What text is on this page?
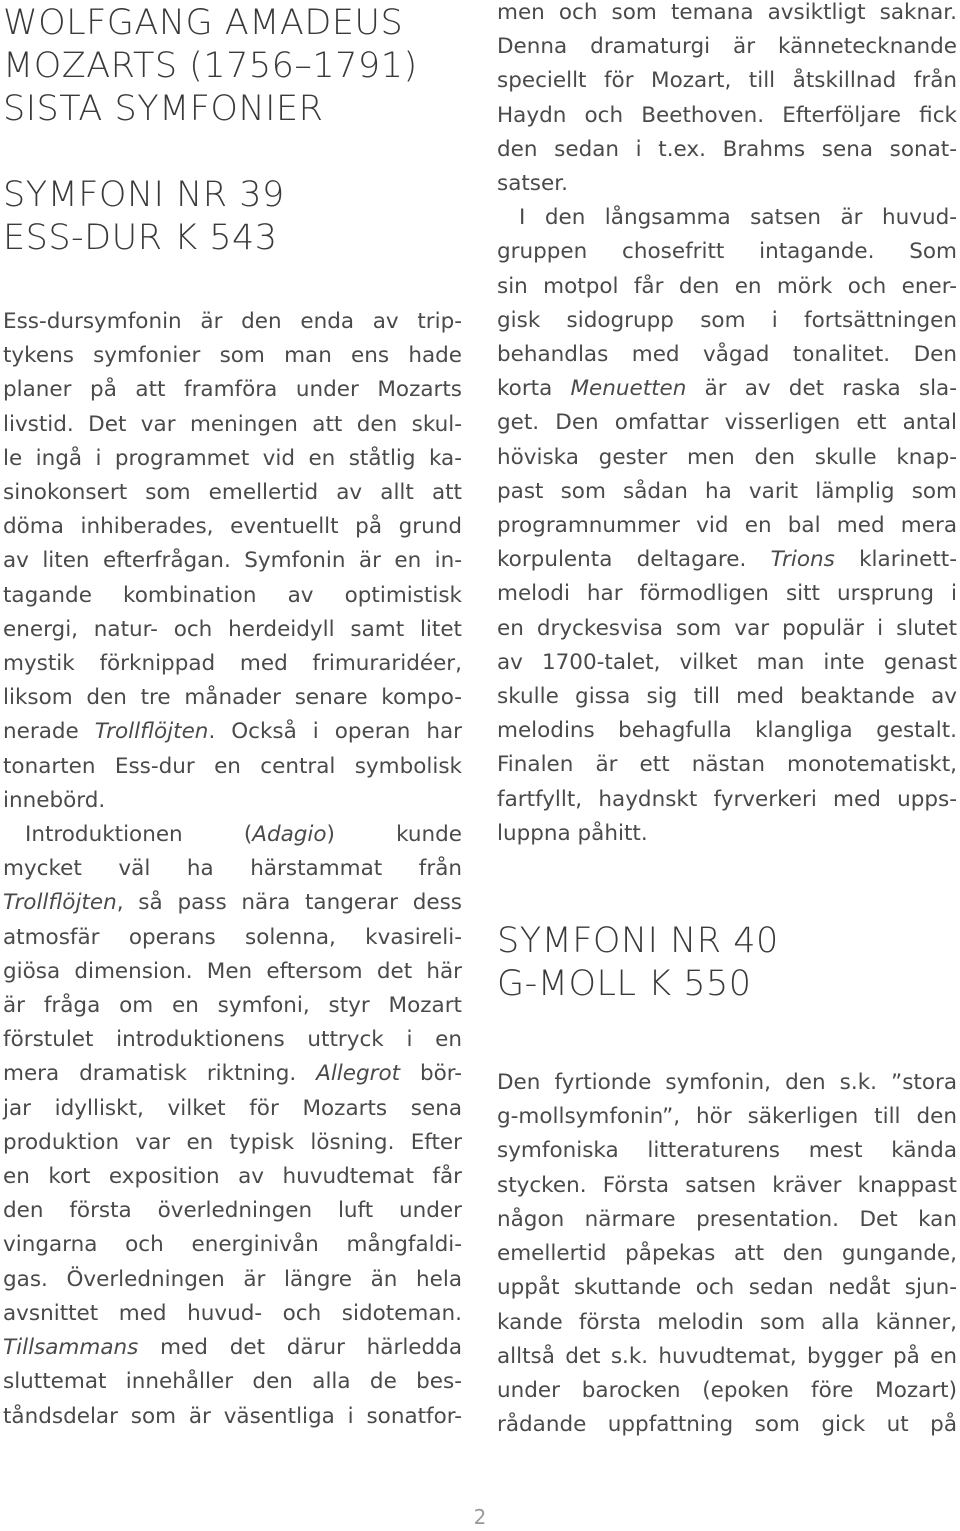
WOLFGANG AMADEUS
MOZARTS (1756–1791)
SISTA SYMFONIER
SYMFONI NR 39
ESS-DUR K 543
Ess-dursymfonin är den enda av trip-
tykens symfonier som man ens hade
planer på att framföra under Mozarts
livstid. Det var meningen att den skul-
le ingå i programmet vid en ståtlig ka-
sinokonsert som emellertid av allt att
döma inhiberades, eventuellt på grund
av liten efterfrågan. Symfonin är en in-
tagande kombination av optimistisk
energi, natur- och herdeidyll samt litet
mystik förknippad med frimuraridéer,
liksom den tre månader senare kompo-
nerade Trollflöjten. Också i operan har
tonarten Ess-dur en central symbolisk
innebörd.
Introduktionen (Adagio) kunde
mycket väl ha härstammat från
Trollflöjten, så pass nära tangerar dess
atmosfär operans solenna, kvasireli-
giösa dimension. Men eftersom det här
är fråga om en symfoni, styr Mozart
förstulet introduktionens uttryck i en
mera dramatisk riktning. Allegrot bör-
jar idylliskt, vilket för Mozarts sena
produktion var en typisk lösning. Efter
en kort exposition av huvudtemat får
den första överledningen luft under
vingarna och energinivån mångfaldi-
gas. Överledningen är längre än hela
avsnittet med huvud- och sidoteman.
Tillsammans med det därur härledda
sluttemat innehåller den alla de bes-
tåndsdelar som är väsentliga i sonatfor-
men och som temana avsiktligt saknar.
Denna dramaturgi är kännetecknande
speciellt för Mozart, till åtskillnad från
Haydn och Beethoven. Efterföljare fick
den sedan i t.ex. Brahms sena sonat-
satser.
I den långsamma satsen är huvud-
gruppen chosefritt intagande. Som
sin motpol får den en mörk och ener-
gisk sidogrupp som i fortsättningen
behandlas med vågad tonalitet. Den
korta Menuetten är av det raska sla-
get. Den omfattar visserligen ett antal
höviska gester men den skulle knap-
past som sådan ha varit lämplig som
programnummer vid en bal med mera
korpulenta deltagare. Trions klarinett-
melodi har förmodligen sitt ursprung i
en dryckesvisa som var populär i slutet
av 1700-talet, vilket man inte genast
skulle gissa sig till med beaktande av
melodins behagfulla klangliga gestalt.
Finalen är ett nästan monotematiskt,
fartfyllt, haydnskt fyrverkeri med upps-
luppna påhitt.
SYMFONI NR 40
G-MOLL K 550
Den fyrtionde symfonin, den s.k. ”stora
g-mollsymfonin”, hör säkerligen till den
symfoniska litteraturens mest kända
stycken. Första satsen kräver knappast
någon närmare presentation. Det kan
emellertid påpekas att den gungande,
uppåt skuttande och sedan nedåt sjun-
kande första melodin som alla känner,
alltså det s.k. huvudtemat, bygger på en
under barocken (epoken före Mozart)
rådande uppfattning som gick ut på
2
